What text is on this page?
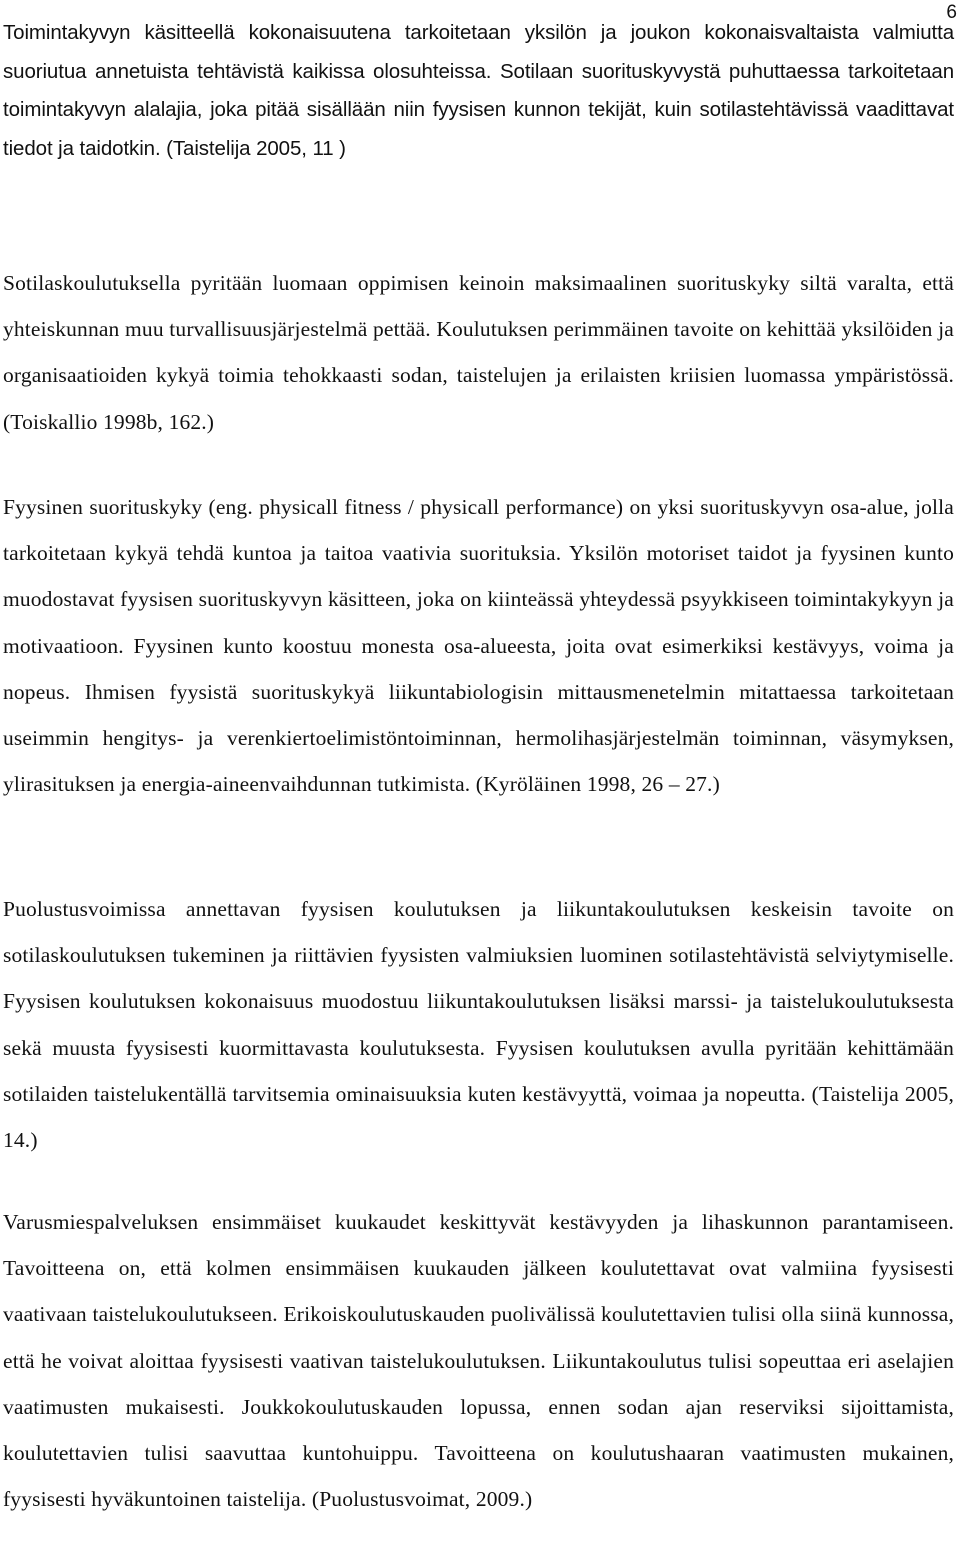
6

Toimintakyvyn käsitteellä kokonaisuutena tarkoitetaan yksilön ja joukon kokonaisvaltaista valmiutta suoriutua annetuista tehtävistä kaikissa olosuhteissa. Sotilaan suorituskyvystä puhuttaessa tarkoitetaan toimintakyvyn alalajia, joka pitää sisällään niin fyysisen kunnon tekijät, kuin sotilastehtävissä vaadittavat tiedot ja taidotkin. (Taistelija 2005, 11 )

Sotilaskoulutuksella pyritään luomaan oppimisen keinoin maksimaalinen suorituskyky siltä varalta, että yhteiskunnan muu turvallisuusjärjestelmä pettää. Koulutuksen perimmäinen tavoite on kehittää yksilöiden ja organisaatioiden kykyä toimia tehokkaasti sodan, taistelujen ja erilaisten kriisien luomassa ympäristössä. (Toiskallio 1998b, 162.)

Fyysinen suorituskyky (eng. physicall fitness / physicall performance) on yksi suorituskyvyn osa-alue, jolla tarkoitetaan kykyä tehdä kuntoa ja taitoa vaativia suorituksia. Yksilön motoriset taidot ja fyysinen kunto muodostavat fyysisen suorituskyvyn käsitteen, joka on kiinteässä yhteydessä psyykkiseen toimintakykyyn ja motivaatioon. Fyysinen kunto koostuu monesta osa-alueesta, joita ovat esimerkiksi kestävyys, voima ja nopeus. Ihmisen fyysistä suorituskykyä liikuntabiologisin mittausmenetelmin mitattaessa tarkoitetaan useimmin hengitys- ja verenkiertoelimistöntoiminnan, hermolihasjärjestelmän toiminnan, väsymyksen, ylirasituksen ja energia-aineenvaihdunnan tutkimista. (Kyröläinen 1998, 26 – 27.)

Puolustusvoimissa annettavan fyysisen koulutuksen ja liikuntakoulutuksen keskeisin tavoite on sotilaskoulutuksen tukeminen ja riittävien fyysisten valmiuksien luominen sotilastehtävistä selviytymiselle. Fyysisen koulutuksen kokonaisuus muodostuu liikuntakoulutuksen lisäksi marssi- ja taistelukoulutuksesta sekä muusta fyysisesti kuormittavasta koulutuksesta. Fyysisen koulutuksen avulla pyritään kehittämään sotilaiden taistelukentällä tarvitsemia ominaisuuksia kuten kestävyyttä, voimaa ja nopeutta. (Taistelija 2005, 14.)

Varusmiespalveluksen ensimmäiset kuukaudet keskittyvät kestävyyden ja lihaskunnon parantamiseen. Tavoitteena on, että kolmen ensimmäisen kuukauden jälkeen koulutettavat ovat valmiina fyysisesti vaativaan taistelukoulutukseen. Erikoiskoulutuskauden puolivälissä koulutettavien tulisi olla siinä kunnossa, että he voivat aloittaa fyysisesti vaativan taistelukoulutuksen. Liikuntakoulutus tulisi sopeuttaa eri aselajien vaatimusten mukaisesti. Joukkokoulutuskauden lopussa, ennen sodan ajan reserviksi sijoittamista, koulutettavien tulisi saavuttaa kuntohuippu. Tavoitteena on koulutushaaran vaatimusten mukainen, fyysisesti hyväkuntoinen taistelija. (Puolustusvoimat, 2009.)
